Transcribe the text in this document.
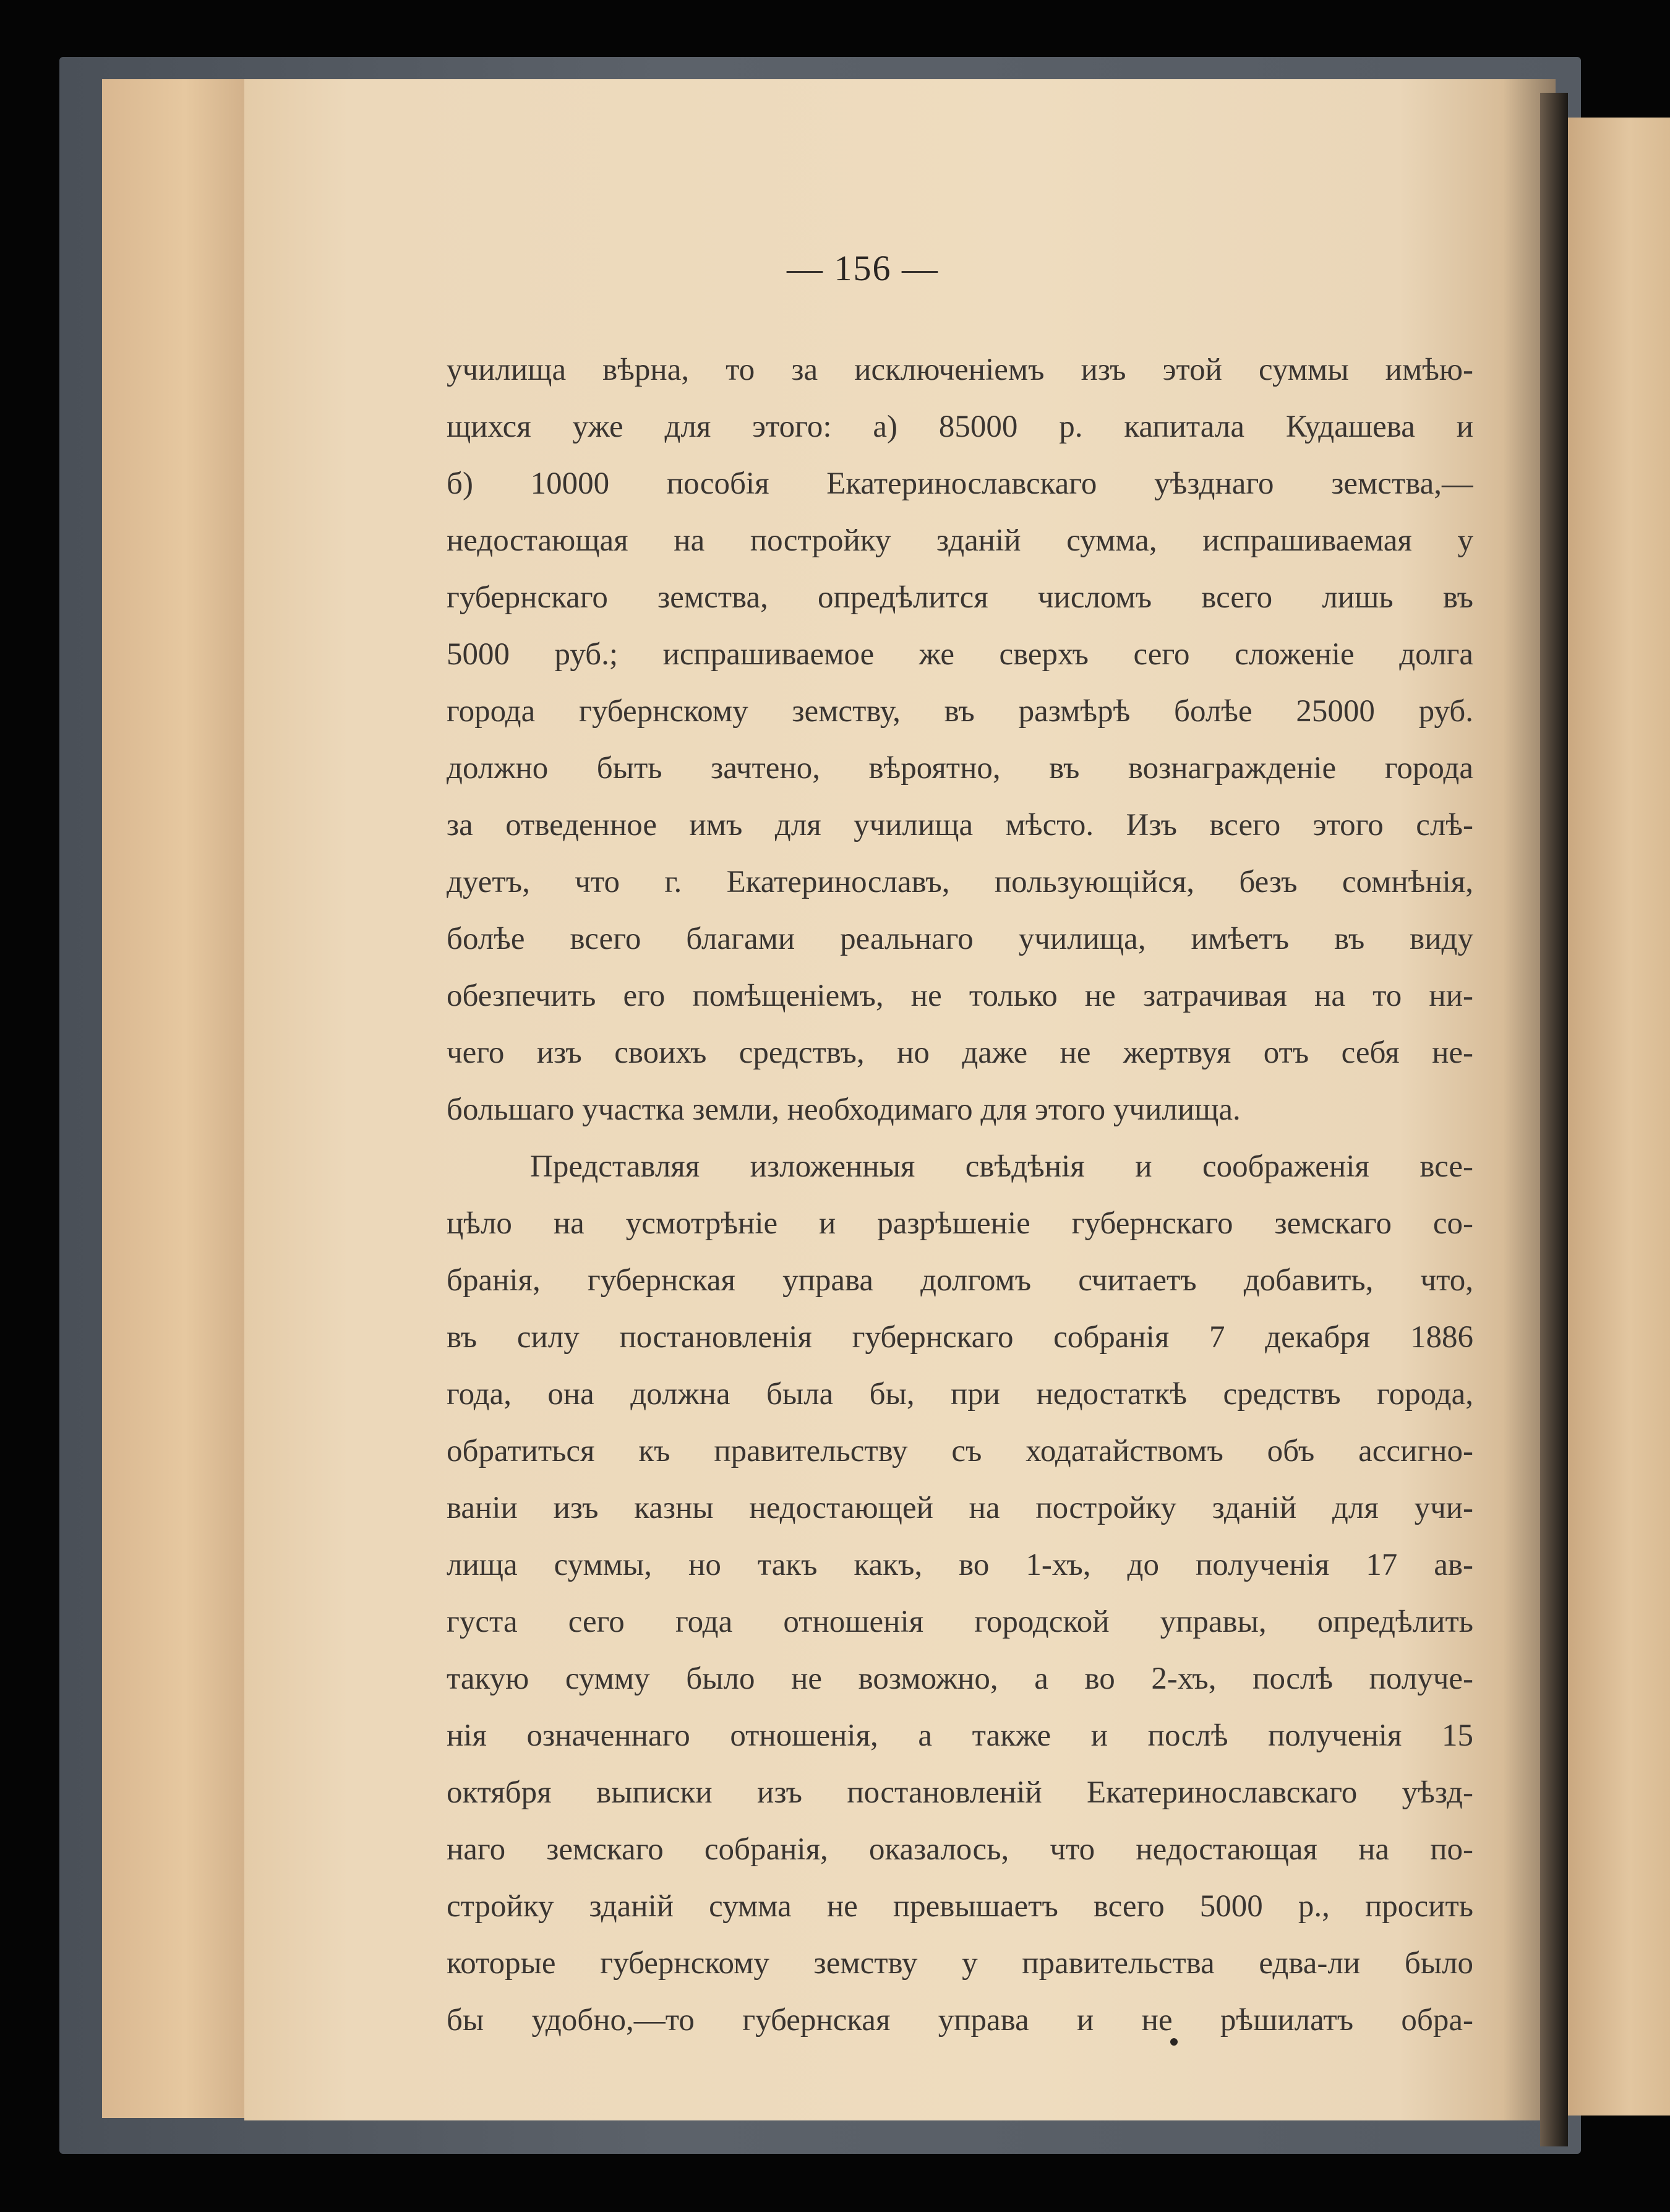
— 156 —
училища вѣрна, то за исключеніемъ изъ этой суммы имѣю-
щихся уже для этого: а) 85000 р. капитала Кудашева и
б) 10000 пособія Екатеринославскаго уѣзднаго земства,—
недостающая на постройку зданій сумма, испрашиваемая у
губернскаго земства, опредѣлится числомъ всего лишь въ
5000 руб.; испрашиваемое же сверхъ сего сложеніе долга
города губернскому земству, въ размѣрѣ болѣе 25000 руб.
должно быть зачтено, вѣроятно, въ вознагражденіе города
за отведенное имъ для училища мѣсто. Изъ всего этого слѣ-
дуетъ, что г. Екатеринославъ, пользующійся, безъ сомнѣнія,
болѣе всего благами реальнаго училища, имѣетъ въ виду
обезпечить его помѣщеніемъ, не только не затрачивая на то ни-
чего изъ своихъ средствъ, но даже не жертвуя отъ себя не-
большаго участка земли, необходимаго для этого училища.
Представляя изложенныя свѣдѣнія и соображенія все-
цѣло на усмотрѣніе и разрѣшеніе губернскаго земскаго со-
бранія, губернская управа долгомъ считаетъ добавить, что,
въ силу постановленія губернскаго собранія 7 декабря 1886
года, она должна была бы, при недостаткѣ средствъ города,
обратиться къ правительству съ ходатайствомъ объ ассигно-
ваніи изъ казны недостающей на постройку зданій для учи-
лища суммы, но такъ какъ, во 1-хъ, до полученія 17 ав-
густа сего года отношенія городской управы, опредѣлить
такую сумму было не возможно, а во 2-хъ, послѣ получе-
нія означеннаго отношенія, а также и послѣ полученія 15
октября выписки изъ постановленій Екатеринославскаго уѣзд-
наго земскаго собранія, оказалось, что недостающая на по-
стройку зданій сумма не превышаетъ всего 5000 р., просить
которые губернскому земству у правительства едва-ли было
бы удобно,—то губернская управа и не рѣшилатъ обра-
